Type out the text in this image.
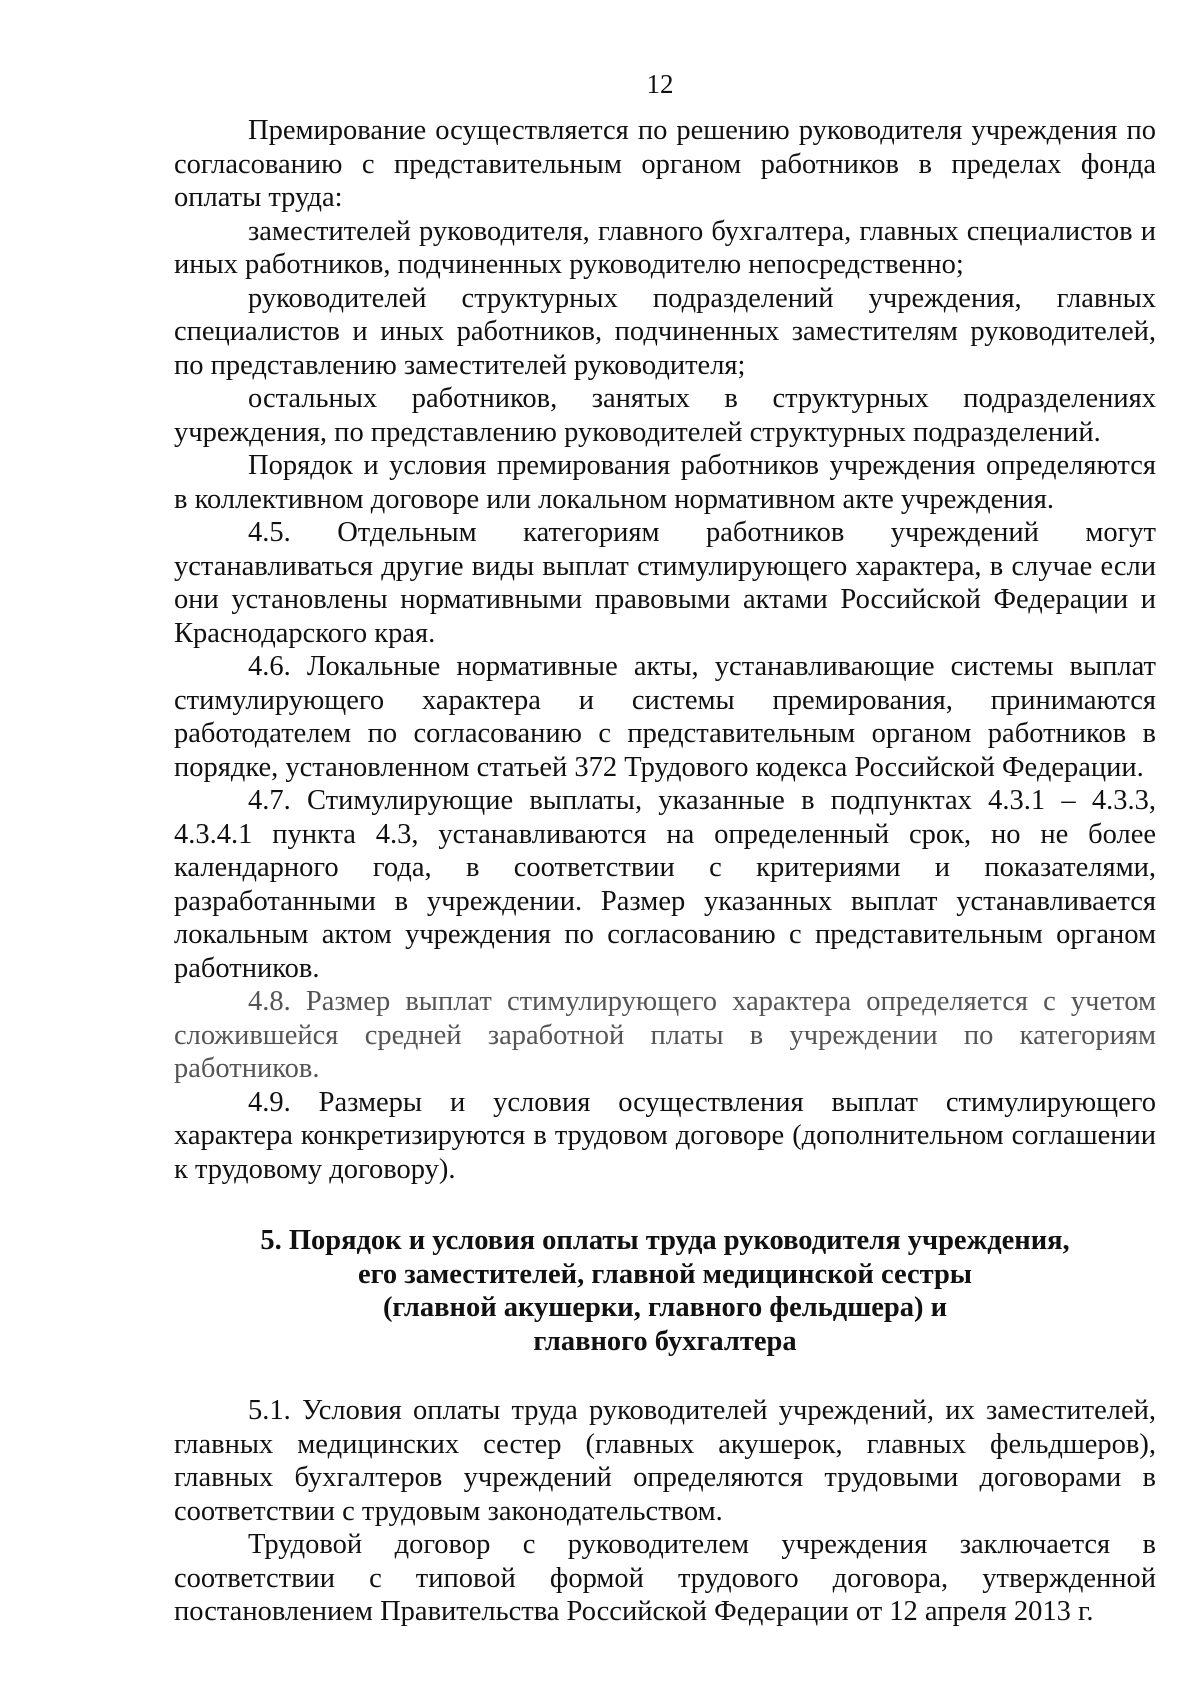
12

Премирование осуществляется по решению руководителя учреждения по согласованию с представительным органом работников в пределах фонда оплаты труда:

заместителей руководителя, главного бухгалтера, главных специалистов и иных работников, подчиненных руководителю непосредственно;

руководителей структурных подразделений учреждения, главных специалистов и иных работников, подчиненных заместителям руководителей, по представлению заместителей руководителя;

остальных работников, занятых в структурных подразделениях учреждения, по представлению руководителей структурных подразделений.

Порядок и условия премирования работников учреждения определяются в коллективном договоре или локальном нормативном акте учреждения.

4.5. Отдельным категориям работников учреждений могут устанавливаться другие виды выплат стимулирующего характера, в случае если они установлены нормативными правовыми актами Российской Федерации и Краснодарского края.

4.6. Локальные нормативные акты, устанавливающие системы выплат стимулирующего характера и системы премирования, принимаются работодателем по согласованию с представительным органом работников в порядке, установленном статьей 372 Трудового кодекса Российской Федерации.

4.7. Стимулирующие выплаты, указанные в подпунктах 4.3.1 – 4.3.3, 4.3.4.1 пункта 4.3, устанавливаются на определенный срок, но не более календарного года, в соответствии с критериями и показателями, разработанными в учреждении. Размер указанных выплат устанавливается локальным актом учреждения по согласованию с представительным органом работников.

4.8. Размер выплат стимулирующего характера определяется с учетом сложившейся средней заработной платы в учреждении по категориям работников.

4.9. Размеры и условия осуществления выплат стимулирующего характера конкретизируются в трудовом договоре (дополнительном соглашении к трудовому договору).

5. Порядок и условия оплаты труда руководителя учреждения,
его заместителей, главной медицинской сестры
(главной акушерки, главного фельдшера) и
главного бухгалтера

5.1. Условия оплаты труда руководителей учреждений, их заместителей, главных медицинских сестер (главных акушерок, главных фельдшеров), главных бухгалтеров учреждений определяются трудовыми договорами в соответствии с трудовым законодательством.

Трудовой договор с руководителем учреждения заключается в соответствии с типовой формой трудового договора, утвержденной постановлением Правительства Российской Федерации от 12 апреля 2013 г.
